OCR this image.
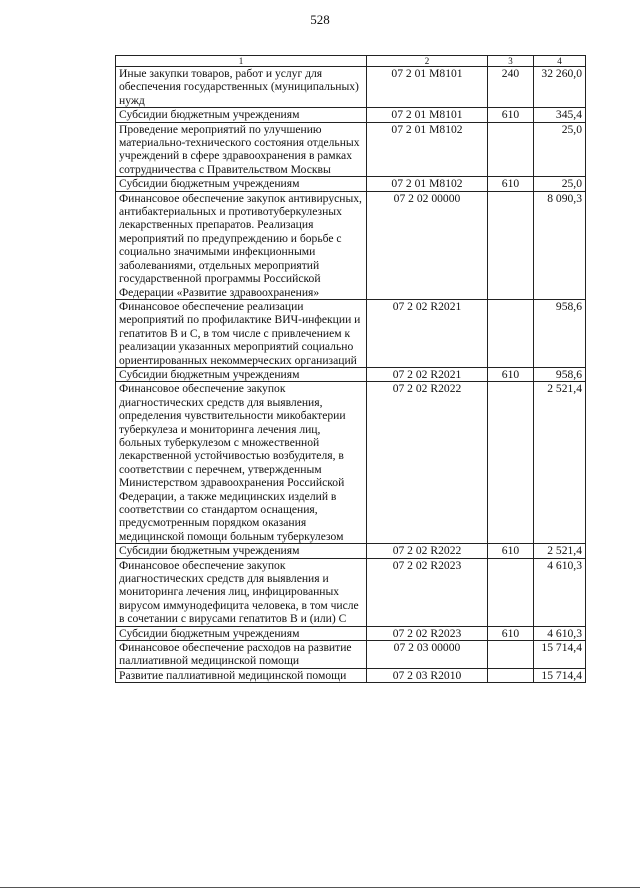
528
1	2	3	4
Иные закупки товаров, работ и услуг для обеспечения государственных (муниципальных) нужд	07 2 01 М8101	240	32 260,0
Субсидии бюджетным учреждениям	07 2 01 М8101	610	345,4
Проведение мероприятий по улучшению материально-технического состояния отдельных учреждений в сфере здравоохранения в рамках сотрудничества с Правительством Москвы	07 2 01 М8102		25,0
Субсидии бюджетным учреждениям	07 2 01 М8102	610	25,0
Финансовое обеспечение закупок антивирусных, антибактериальных и противотуберкулезных лекарственных препаратов. Реализация мероприятий по предупреждению и борьбе с социально значимыми инфекционными заболеваниями, отдельных мероприятий государственной программы Российской Федерации «Развитие здравоохранения»	07 2 02 00000		8 090,3
Финансовое обеспечение реализации мероприятий по профилактике ВИЧ-инфекции и гепатитов В и С, в том числе с привлечением к реализации указанных мероприятий социально ориентированных некоммерческих организаций	07 2 02 R2021		958,6
Субсидии бюджетным учреждениям	07 2 02 R2021	610	958,6
Финансовое обеспечение закупок диагностических средств для выявления, определения чувствительности микобактерии туберкулеза и мониторинга лечения лиц, больных туберкулезом с множественной лекарственной устойчивостью возбудителя, в соответствии с перечнем, утвержденным Министерством здравоохранения Российской Федерации, а также медицинских изделий в соответствии со стандартом оснащения, предусмотренным порядком оказания медицинской помощи больным туберкулезом	07 2 02 R2022		2 521,4
Субсидии бюджетным учреждениям	07 2 02 R2022	610	2 521,4
Финансовое обеспечение закупок диагностических средств для выявления и мониторинга лечения лиц, инфицированных вирусом иммунодефицита человека, в том числе в сочетании с вирусами гепатитов В и (или) С	07 2 02 R2023		4 610,3
Субсидии бюджетным учреждениям	07 2 02 R2023	610	4 610,3
Финансовое обеспечение расходов на развитие паллиативной медицинской помощи	07 2 03 00000		15 714,4
Развитие паллиативной медицинской помощи	07 2 03 R2010		15 714,4
